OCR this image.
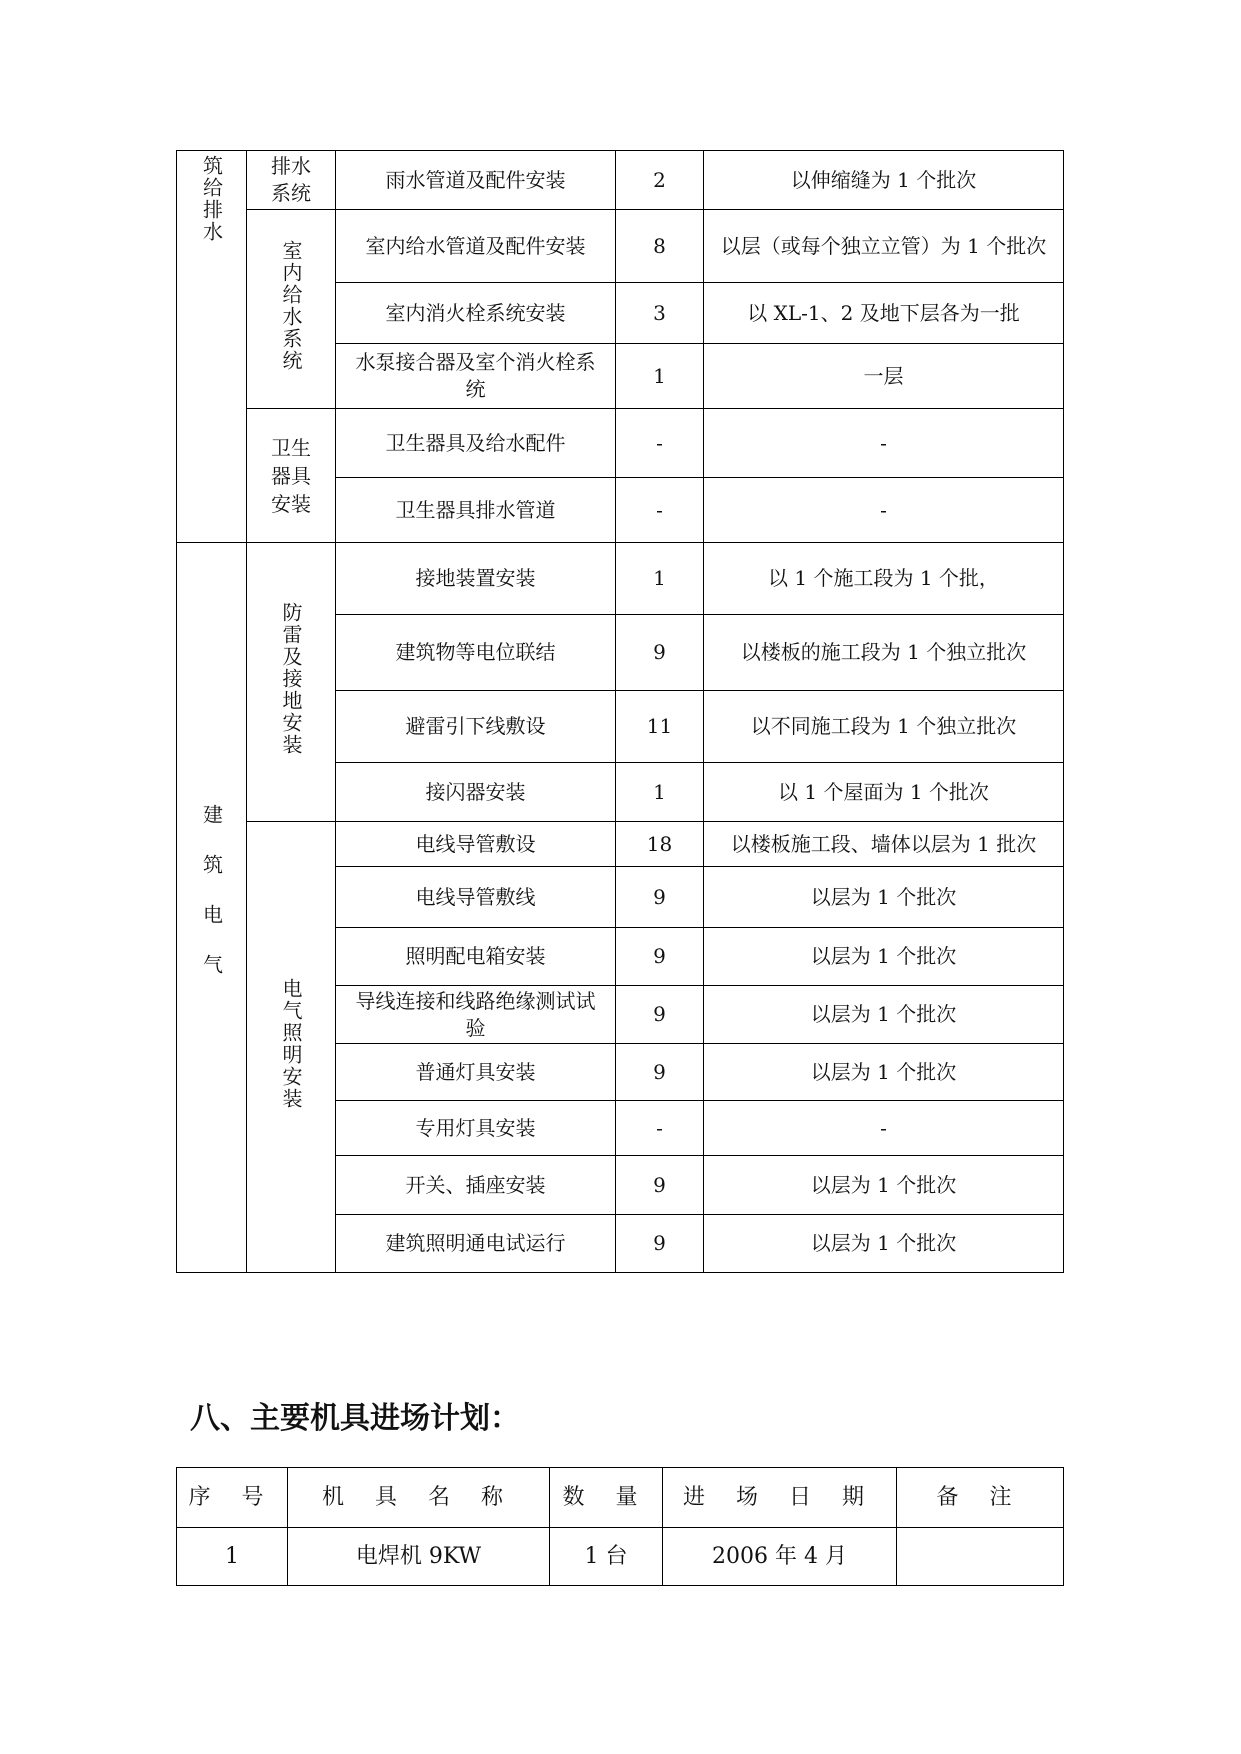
筑给排水	排水系统	雨水管道及配件安装	2	以伸缩缝为 1 个批次
	室内给水系统	室内给水管道及配件安装	8	以层（或每个独立立管）为 1 个批次

		室内消火栓系统安装	3	以 XL-1、2 及地下层各为一批

		水泵接合器及室个消火栓系统	1	一层

	卫生器具安装	卫生器具及给水配件	-	-
		卫生器具排水管道	-	-
建筑电气	防雷及接地安装	接地装置安装	1	以 1 个施工段为 1 个批，
		建筑物等电位联结	9	以楼板的施工段为 1 个独立批次
		避雷引下线敷设	11	以不同施工段为 1 个独立批次
		接闪器安装	1	以 1 个屋面为 1 个批次
	电气照明安装	电线导管敷设	18	以楼板施工段、墙体以层为 1 批次
		电线导管敷线	9	以层为 1 个批次
		照明配电箱安装	9	以层为 1 个批次

		导线连接和线路绝缘测试试验	9	以层为 1 个批次
		普通灯具安装	9	以层为 1 个批次
		专用灯具安装	-	-
		开关、插座安装	9	以层为 1 个批次
		建筑照明通电试运行	9	以层为 1 个批次
八、主要机具进场计划：
序 号	机 具 名 称	数 量	进 场 日 期	备 注
1	电焊机 9KW	1 台	2006 年 4 月	
